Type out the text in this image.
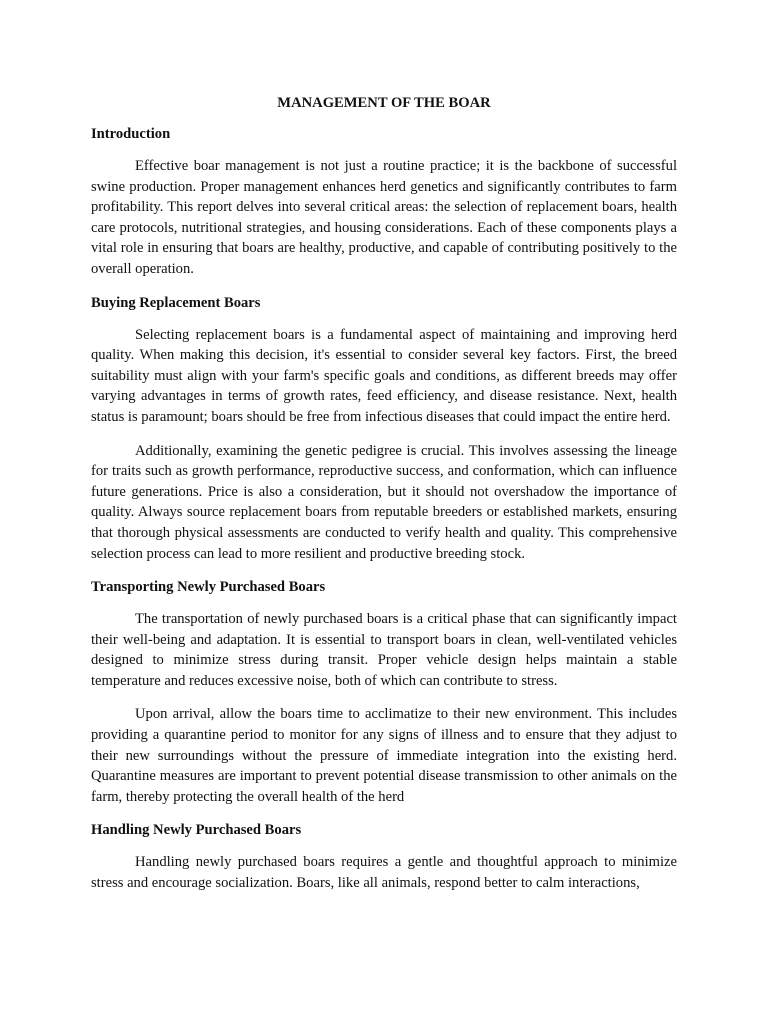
MANAGEMENT OF THE BOAR
Introduction

Effective boar management is not just a routine practice; it is the backbone of successful swine production. Proper management enhances herd genetics and significantly contributes to farm profitability. This report delves into several critical areas: the selection of replacement boars, health care protocols, nutritional strategies, and housing considerations. Each of these components plays a vital role in ensuring that boars are healthy, productive, and capable of contributing positively to the overall operation.

Buying Replacement Boars

Selecting replacement boars is a fundamental aspect of maintaining and improving herd quality. When making this decision, it's essential to consider several key factors. First, the breed suitability must align with your farm's specific goals and conditions, as different breeds may offer varying advantages in terms of growth rates, feed efficiency, and disease resistance. Next, health status is paramount; boars should be free from infectious diseases that could impact the entire herd.

Additionally, examining the genetic pedigree is crucial. This involves assessing the lineage for traits such as growth performance, reproductive success, and conformation, which can influence future generations. Price is also a consideration, but it should not overshadow the importance of quality. Always source replacement boars from reputable breeders or established markets, ensuring that thorough physical assessments are conducted to verify health and quality. This comprehensive selection process can lead to more resilient and productive breeding stock.

Transporting Newly Purchased Boars

The transportation of newly purchased boars is a critical phase that can significantly impact their well-being and adaptation. It is essential to transport boars in clean, well-ventilated vehicles designed to minimize stress during transit. Proper vehicle design helps maintain a stable temperature and reduces excessive noise, both of which can contribute to stress.

Upon arrival, allow the boars time to acclimatize to their new environment. This includes providing a quarantine period to monitor for any signs of illness and to ensure that they adjust to their new surroundings without the pressure of immediate integration into the existing herd. Quarantine measures are important to prevent potential disease transmission to other animals on the farm, thereby protecting the overall health of the herd

Handling Newly Purchased Boars

Handling newly purchased boars requires a gentle and thoughtful approach to minimize stress and encourage socialization. Boars, like all animals, respond better to calm interactions,
